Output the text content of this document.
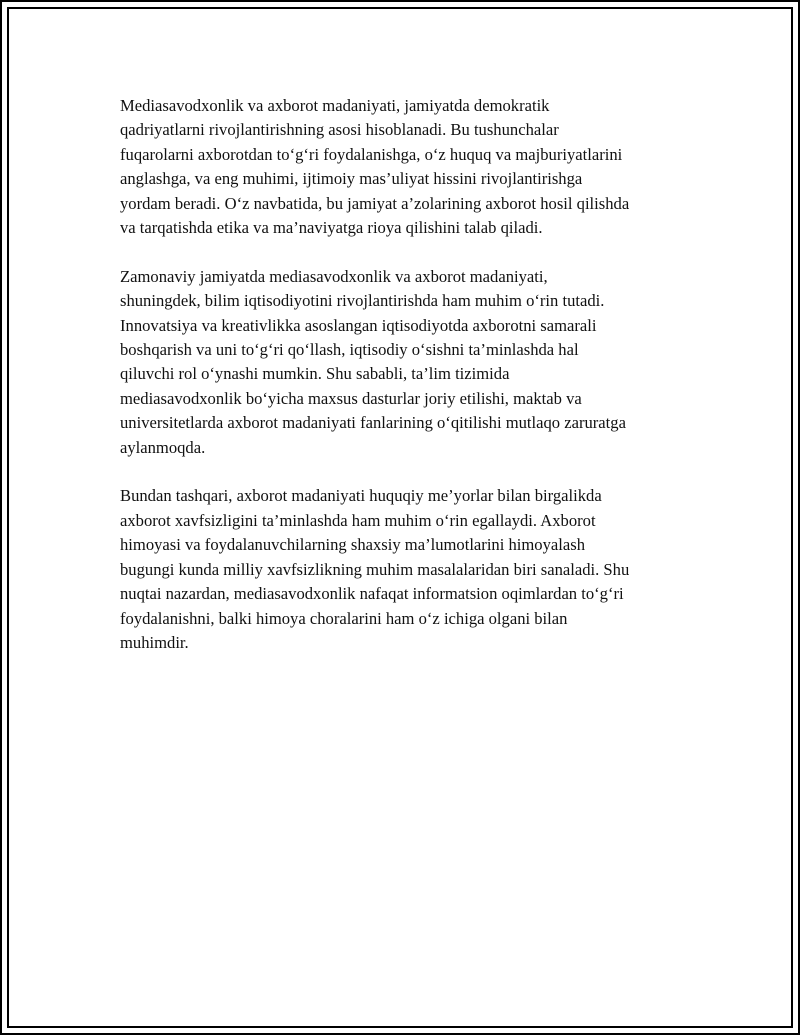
Mediasavodxonlik va axborot madaniyati, jamiyatda demokratik
qadriyatlarni rivojlantirishning asosi hisoblanadi. Bu tushunchalar
fuqarolarni axborotdan to‘g‘ri foydalanishga, o‘z huquq va majburiyatlarini
anglashga, va eng muhimi, ijtimoiy mas’uliyat hissini rivojlantirishga
yordam beradi. O‘z navbatida, bu jamiyat a’zolarining axborot hosil qilishda
va tarqatishda etika va ma’naviyatga rioya qilishini talab qiladi.

Zamonaviy jamiyatda mediasavodxonlik va axborot madaniyati,
shuningdek, bilim iqtisodiyotini rivojlantirishda ham muhim o‘rin tutadi.
Innovatsiya va kreativlikka asoslangan iqtisodiyotda axborotni samarali
boshqarish va uni to‘g‘ri qo‘llash, iqtisodiy o‘sishni ta’minlashda hal
qiluvchi rol o‘ynashi mumkin. Shu sababli, ta’lim tizimida
mediasavodxonlik bo‘yicha maxsus dasturlar joriy etilishi, maktab va
universitetlarda axborot madaniyati fanlarining o‘qitilishi mutlaqo zaruratga
aylanmoqda.

Bundan tashqari, axborot madaniyati huquqiy me’yorlar bilan birgalikda
axborot xavfsizligini ta’minlashda ham muhim o‘rin egallaydi. Axborot
himoyasi va foydalanuvchilarning shaxsiy ma’lumotlarini himoyalash
bugungi kunda milliy xavfsizlikning muhim masalalaridan biri sanaladi. Shu
nuqtai nazardan, mediasavodxonlik nafaqat informatsion oqimlardan to‘g‘ri
foydalanishni, balki himoya choralarini ham o‘z ichiga olgani bilan
muhimdir.
